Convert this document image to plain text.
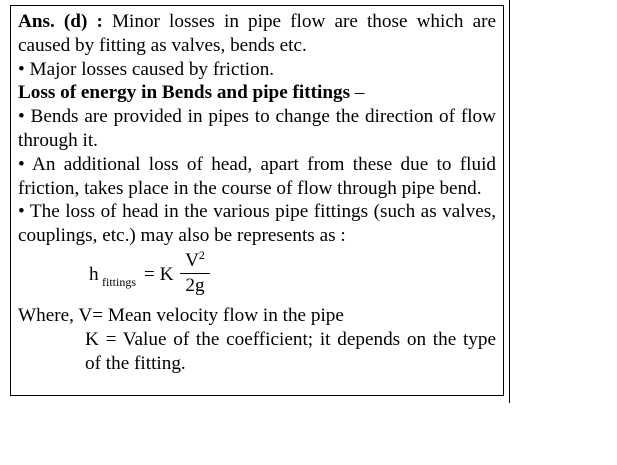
Ans. (d) : Minor losses in pipe flow are those which are caused by fitting as valves, bends etc.

• Major losses caused by friction.

Loss of energy in Bends and pipe fittings –

• Bends are provided in pipes to change the direction of flow through it.

• An additional loss of head, apart from these due to fluid friction, takes place in the course of flow through pipe bend.

• The loss of head in the various pipe fittings (such as valves, couplings, etc.) may also be represents as :

h fittings = K $\frac{V^2}{2g}$

Where, V= Mean velocity flow in the pipe

K = Value of the coefficient; it depends on the type of the fitting.
